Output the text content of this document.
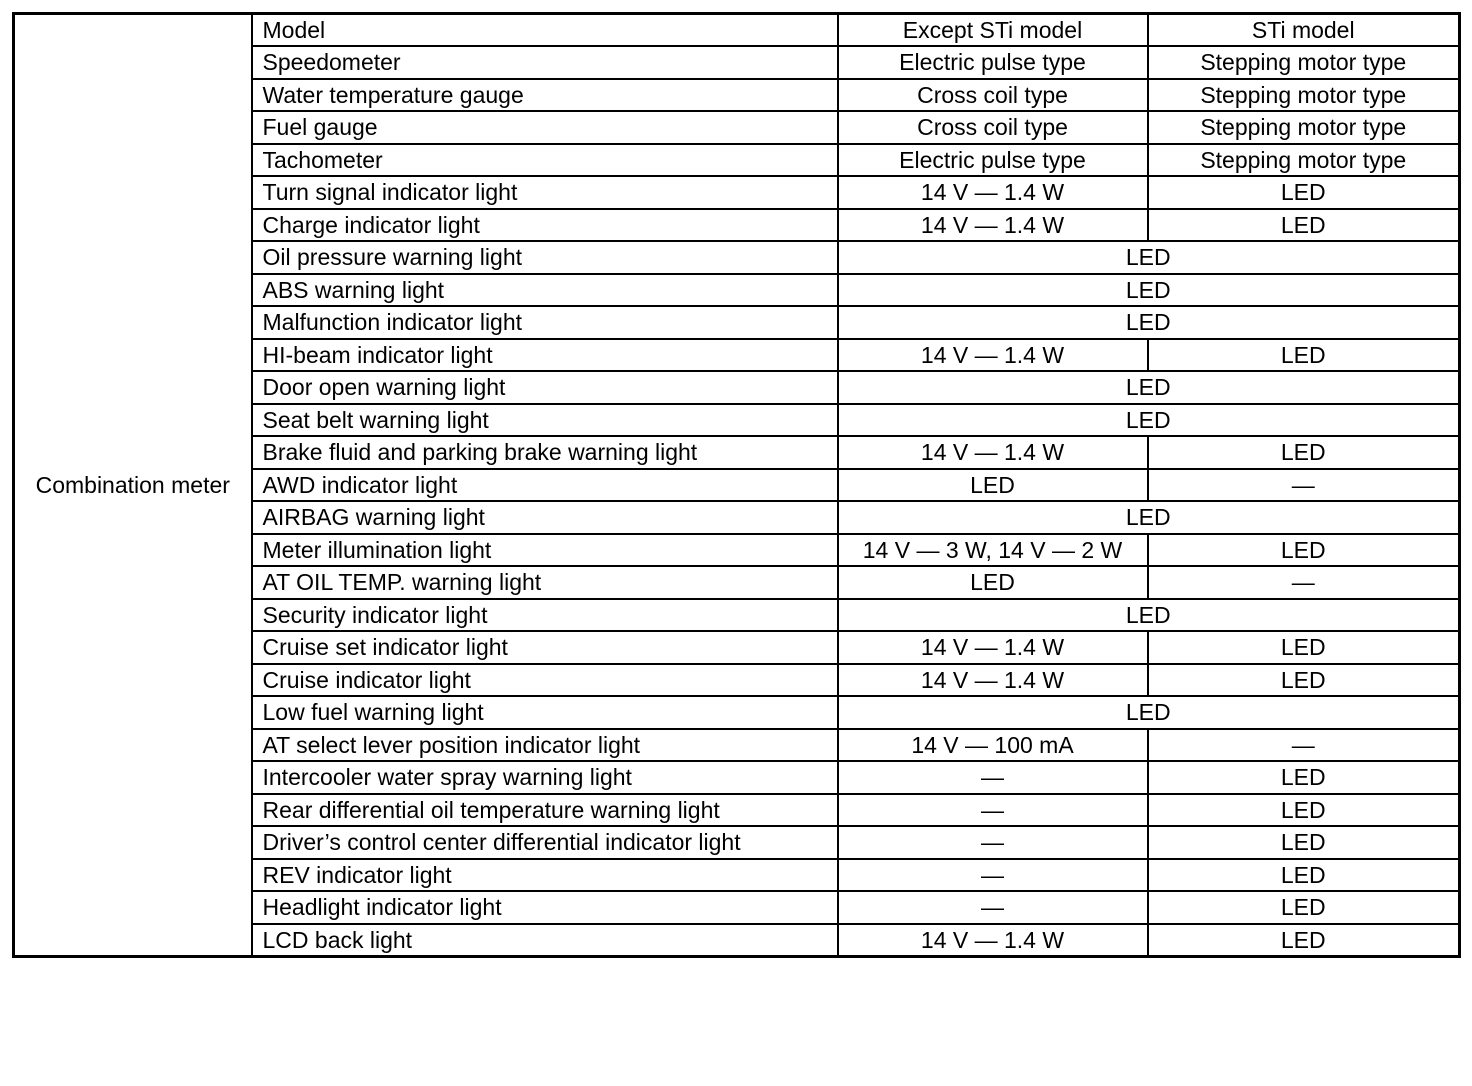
Combination meter	Model	Except STi model	STi model
	Speedometer	Electric pulse type	Stepping motor type
	Water temperature gauge	Cross coil type	Stepping motor type
	Fuel gauge	Cross coil type	Stepping motor type
	Tachometer	Electric pulse type	Stepping motor type
	Turn signal indicator light	14 V — 1.4 W	LED
	Charge indicator light	14 V — 1.4 W	LED
	Oil pressure warning light	LED	
	ABS warning light	LED	
	Malfunction indicator light	LED	
	HI-beam indicator light	14 V — 1.4 W	LED
	Door open warning light	LED	
	Seat belt warning light	LED	
	Brake fluid and parking brake warning light	14 V — 1.4 W	LED
	AWD indicator light	LED	—
	AIRBAG warning light	LED	
	Meter illumination light	14 V — 3 W, 14 V — 2 W	LED
	AT OIL TEMP. warning light	LED	—
	Security indicator light	LED	
	Cruise set indicator light	14 V — 1.4 W	LED
	Cruise indicator light	14 V — 1.4 W	LED
	Low fuel warning light	LED	
	AT select lever position indicator light	14 V — 100 mA	—
	Intercooler water spray warning light	—	LED
	Rear differential oil temperature warning light	—	LED
	Driver’s control center differential indicator light	—	LED
	REV indicator light	—	LED
	Headlight indicator light	—	LED
	LCD back light	14 V — 1.4 W	LED
